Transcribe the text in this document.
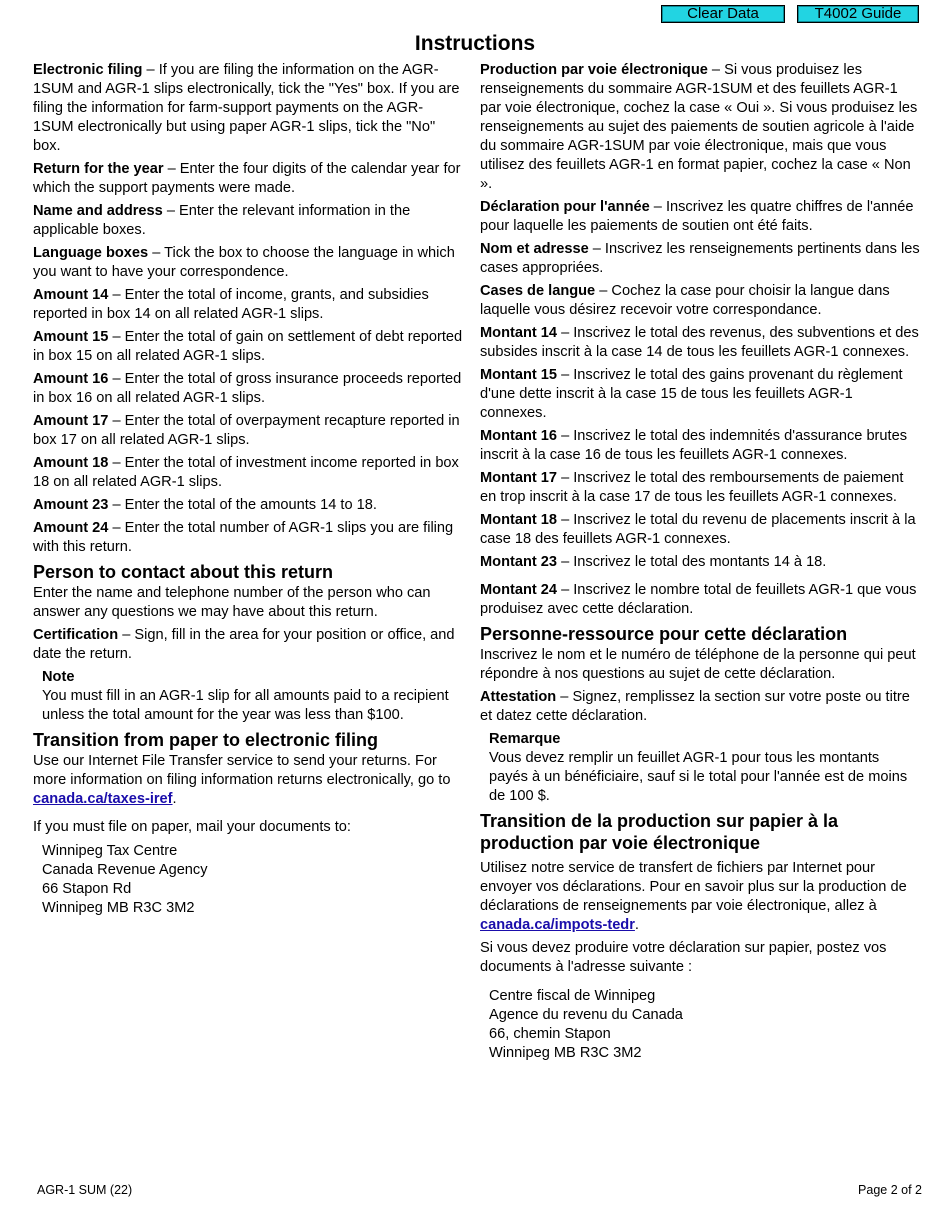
Clear Data	T4002 Guide
Instructions

Electronic filing – If you are filing the information on the AGR-1SUM and AGR-1 slips electronically, tick the "Yes" box. If you are filing the information for farm-support payments on the AGR-1SUM electronically but using paper AGR-1 slips, tick the "No" box.

Return for the year – Enter the four digits of the calendar year for which the support payments were made.

Name and address – Enter the relevant information in the applicable boxes.

Language boxes – Tick the box to choose the language in which you want to have your correspondence.

Amount 14 – Enter the total of income, grants, and subsidies reported in box 14 on all related AGR-1 slips.

Amount 15 – Enter the total of gain on settlement of debt reported in box 15 on all related AGR-1 slips.

Amount 16 – Enter the total of gross insurance proceeds reported in box 16 on all related AGR-1 slips.

Amount 17 – Enter the total of overpayment recapture reported in box 17 on all related AGR-1 slips.

Amount 18 – Enter the total of investment income reported in box 18 on all related AGR-1 slips.

Amount 23 – Enter the total of the amounts 14 to 18.

Amount 24 – Enter the total number of AGR-1 slips you are filing with this return.

Person to contact about this return

Enter the name and telephone number of the person who can answer any questions we may have about this return.

Certification – Sign, fill in the area for your position or office, and date the return.

Note

You must fill in an AGR-1 slip for all amounts paid to a recipient unless the total amount for the year was less than $100.

Transition from paper to electronic filing

Use our Internet File Transfer service to send your returns. For more information on filing information returns electronically, go to canada.ca/taxes-iref.

If you must file on paper, mail your documents to:

Winnipeg Tax Centre
Canada Revenue Agency
66 Stapon Rd
Winnipeg MB R3C 3M2

Production par voie électronique – Si vous produisez les renseignements du sommaire AGR-1SUM et des feuillets AGR-1 par voie électronique, cochez la case « Oui ». Si vous produisez les renseignements au sujet des paiements de soutien agricole à l'aide du sommaire AGR-1SUM par voie électronique, mais que vous utilisez des feuillets AGR-1 en format papier, cochez la case « Non ».

Déclaration pour l'année – Inscrivez les quatre chiffres de l'année pour laquelle les paiements de soutien ont été faits.

Nom et adresse – Inscrivez les renseignements pertinents dans les cases appropriées.

Cases de langue – Cochez la case pour choisir la langue dans laquelle vous désirez recevoir votre correspondance.

Montant 14 – Inscrivez le total des revenus, des subventions et des subsides inscrit à la case 14 de tous les feuillets AGR-1 connexes.

Montant 15 – Inscrivez le total des gains provenant du règlement d'une dette inscrit à la case 15 de tous les feuillets AGR-1 connexes.

Montant 16 – Inscrivez le total des indemnités d'assurance brutes inscrit à la case 16 de tous les feuillets AGR-1 connexes.

Montant 17 – Inscrivez le total des remboursements de paiement en trop inscrit à la case 17 de tous les feuillets AGR-1 connexes.

Montant 18 – Inscrivez le total du revenu de placements inscrit à la case 18 des feuillets AGR-1 connexes.

Montant 23 – Inscrivez le total des montants 14 à 18.

Montant 24 – Inscrivez le nombre total de feuillets AGR-1 que vous produisez avec cette déclaration.

Personne-ressource pour cette déclaration

Inscrivez le nom et le numéro de téléphone de la personne qui peut répondre à nos questions au sujet de cette déclaration.

Attestation – Signez, remplissez la section sur votre poste ou titre et datez cette déclaration.

Remarque

Vous devez remplir un feuillet AGR-1 pour tous les montants payés à un bénéficiaire, sauf si le total pour l'année est de moins de 100 $.

Transition de la production sur papier à la production par voie électronique

Utilisez notre service de transfert de fichiers par Internet pour envoyer vos déclarations. Pour en savoir plus sur la production de déclarations de renseignements par voie électronique, allez à canada.ca/impots-tedr.

Si vous devez produire votre déclaration sur papier, postez vos documents à l'adresse suivante :

Centre fiscal de Winnipeg
Agence du revenu du Canada
66, chemin Stapon
Winnipeg MB R3C 3M2
AGR-1 SUM (22)	Page 2 of 2
